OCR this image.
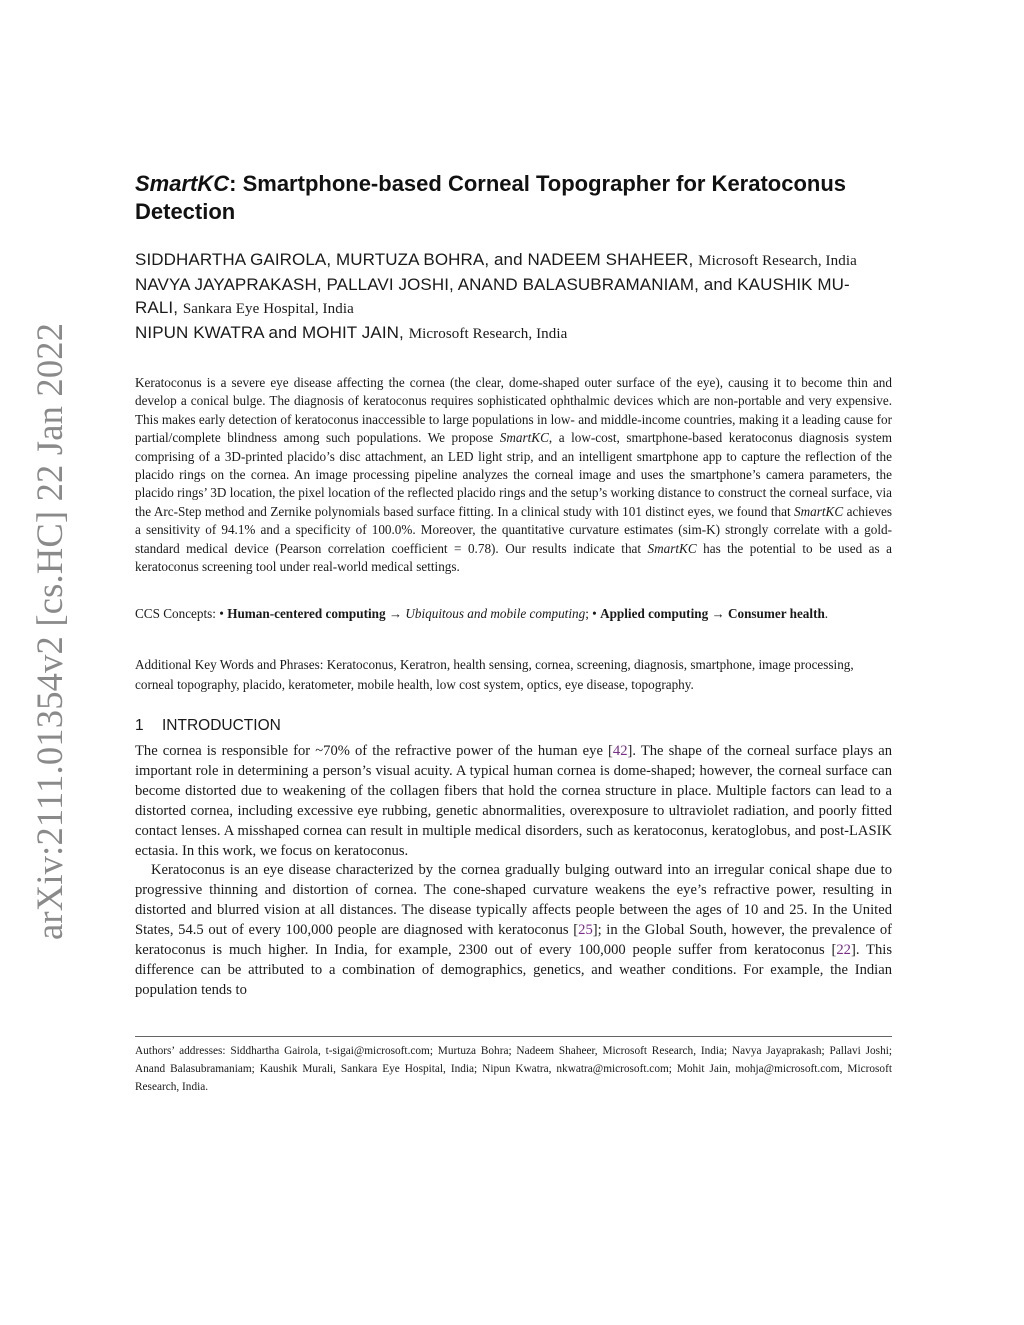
arXiv:2111.01354v2 [cs.HC] 22 Jan 2022
SmartKC: Smartphone-based Corneal Topographer for Keratoconus Detection
SIDDHARTHA GAIROLA, MURTUZA BOHRA, and NADEEM SHAHEER, Microsoft Research, India
NAVYA JAYAPRAKASH, PALLAVI JOSHI, ANAND BALASUBRAMANIAM, and KAUSHIK MU- RALI, Sankara Eye Hospital, India
NIPUN KWATRA and MOHIT JAIN, Microsoft Research, India
Keratoconus is a severe eye disease affecting the cornea (the clear, dome-shaped outer surface of the eye), causing it to become thin and develop a conical bulge. The diagnosis of keratoconus requires sophisticated ophthalmic devices which are non-portable and very expensive. This makes early detection of keratoconus inaccessible to large populations in low- and middle-income countries, making it a leading cause for partial/complete blindness among such populations. We propose SmartKC, a low-cost, smartphone-based keratoconus diagnosis system comprising of a 3D-printed placido’s disc attachment, an LED light strip, and an intelligent smartphone app to capture the reflection of the placido rings on the cornea. An image processing pipeline analyzes the corneal image and uses the smartphone’s camera parameters, the placido rings’ 3D location, the pixel location of the reflected placido rings and the setup’s working distance to construct the corneal surface, via the Arc-Step method and Zernike polynomials based surface fitting. In a clinical study with 101 distinct eyes, we found that SmartKC achieves a sensitivity of 94.1% and a specificity of 100.0%. Moreover, the quantitative curvature estimates (sim-K) strongly correlate with a gold-standard medical device (Pearson correlation coefficient = 0.78). Our results indicate that SmartKC has the potential to be used as a keratoconus screening tool under real-world medical settings.
CCS Concepts: • Human-centered computing → Ubiquitous and mobile computing; • Applied computing → Consumer health.
Additional Key Words and Phrases: Keratoconus, Keratron, health sensing, cornea, screening, diagnosis, smartphone, image processing, corneal topography, placido, keratometer, mobile health, low cost system, optics, eye disease, topography.
1 INTRODUCTION

The cornea is responsible for ~70% of the refractive power of the human eye [42]. The shape of the corneal surface plays an important role in determining a person’s visual acuity. A typical human cornea is dome-shaped; however, the corneal surface can become distorted due to weakening of the collagen fibers that hold the cornea structure in place. Multiple factors can lead to a distorted cornea, including excessive eye rubbing, genetic abnormalities, overexposure to ultraviolet radiation, and poorly fitted contact lenses. A misshaped cornea can result in multiple medical disorders, such as keratoconus, keratoglobus, and post-LASIK ectasia. In this work, we focus on keratoconus.

Keratoconus is an eye disease characterized by the cornea gradually bulging outward into an irregular conical shape due to progressive thinning and distortion of cornea. The cone-shaped curvature weakens the eye’s refractive power, resulting in distorted and blurred vision at all distances. The disease typically affects people between the ages of 10 and 25. In the United States, 54.5 out of every 100,000 people are diagnosed with keratoconus [25]; in the Global South, however, the prevalence of keratoconus is much higher. In India, for example, 2300 out of every 100,000 people suffer from keratoconus [22]. This difference can be attributed to a combination of demographics, genetics, and weather conditions. For example, the Indian population tends to

Authors’ addresses: Siddhartha Gairola, t-sigai@microsoft.com; Murtuza Bohra; Nadeem Shaheer, Microsoft Research, India; Navya Jayaprakash; Pallavi Joshi; Anand Balasubramaniam; Kaushik Murali, Sankara Eye Hospital, India; Nipun Kwatra, nkwatra@microsoft.com; Mohit Jain, mohja@microsoft.com, Microsoft Research, India.
